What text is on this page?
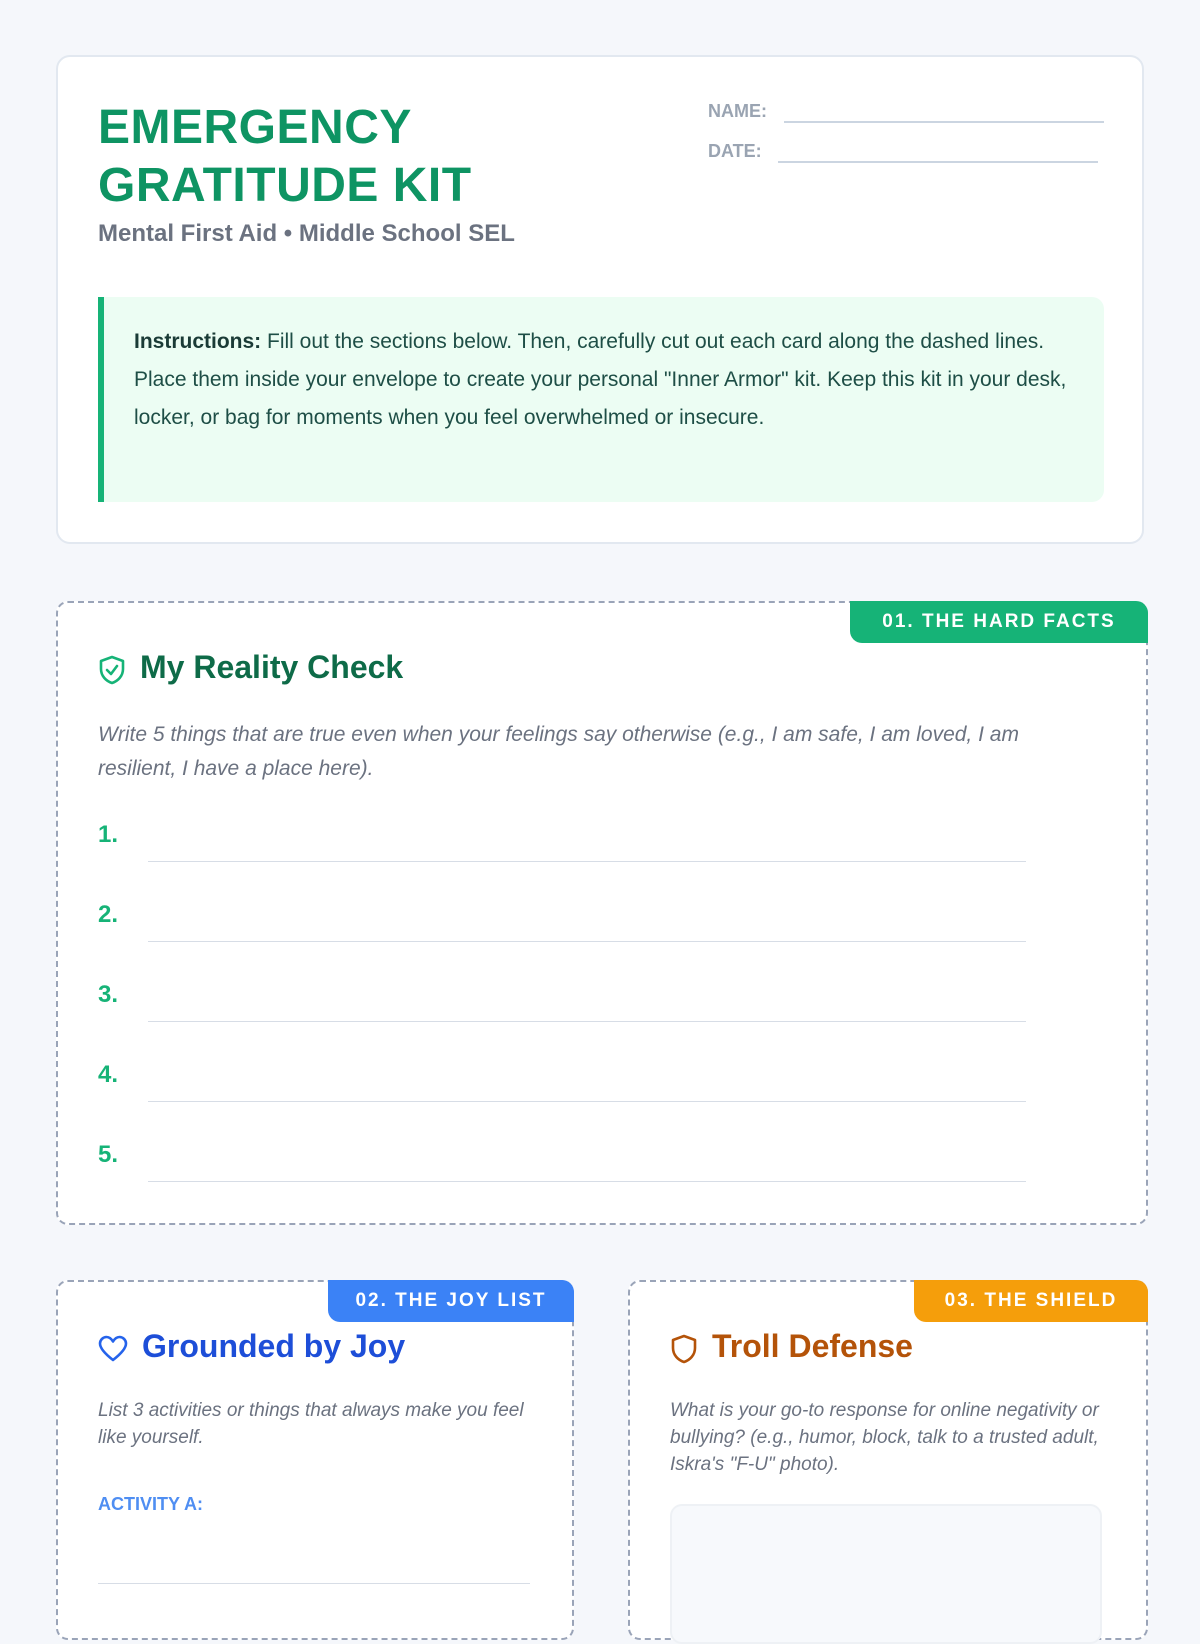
EMERGENCY
GRATITUDE KIT

Mental First Aid • Middle School SEL

NAME:
DATE:
Instructions: Fill out the sections below. Then, carefully cut out each card along the dashed lines. Place them inside your envelope to create your personal "Inner Armor" kit. Keep this kit in your desk, locker, or bag for moments when you feel overwhelmed or insecure.
01. THE HARD FACTS
My Reality Check

Write 5 things that are true even when your feelings say otherwise (e.g., I am safe, I am loved, I am resilient, I have a place here).

1.
2.
3.
4.
5.
02. THE JOY LIST
Grounded by Joy

List 3 activities or things that always make you feel like yourself.

ACTIVITY A:
03. THE SHIELD
Troll Defense

What is your go-to response for online negativity or bullying? (e.g., humor, block, talk to a trusted adult, Iskra's "F-U" photo).
